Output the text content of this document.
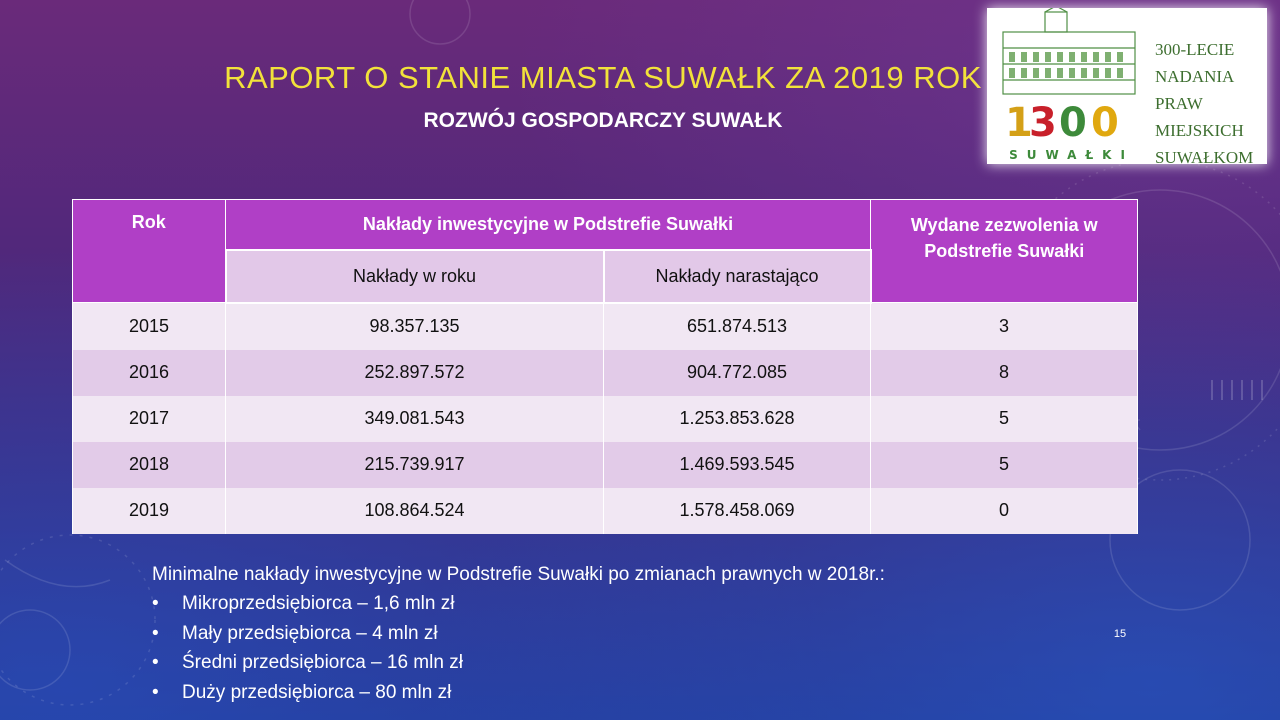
RAPORT O STANIE MIASTA SUWAŁK ZA 2019 ROK
ROZWÓJ GOSPODARCZY SUWAŁK	1
3 0 0
300-LECIE
NADANIA
PRAW
MIEJSKICH
SUWAŁKOM
SUWAŁKI
Rok	Nakłady inwestycyjne w Podstrefie Suwałki		Wydane zezwolenia w Podstrefie Suwałki
	Nakłady w roku	Nakłady narastająco	
2015	98.357.135	651.874.513	3
2016	252.897.572	904.772.085	8
2017	349.081.543	1.253.853.628	5
2018	215.739.917	1.469.593.545	5
2019	108.864.524	1.578.458.069	0

Minimalne nakłady inwestycyjne w Podstrefie Suwałki po zmianach prawnych w 2018r.:

• Mikroprzedsiębiorca – 1,6 mln zł
• Mały przedsiębiorca – 4 mln zł
• Średni przedsiębiorca – 16 mln zł
• Duży przedsiębiorca – 80 mln zł
15
